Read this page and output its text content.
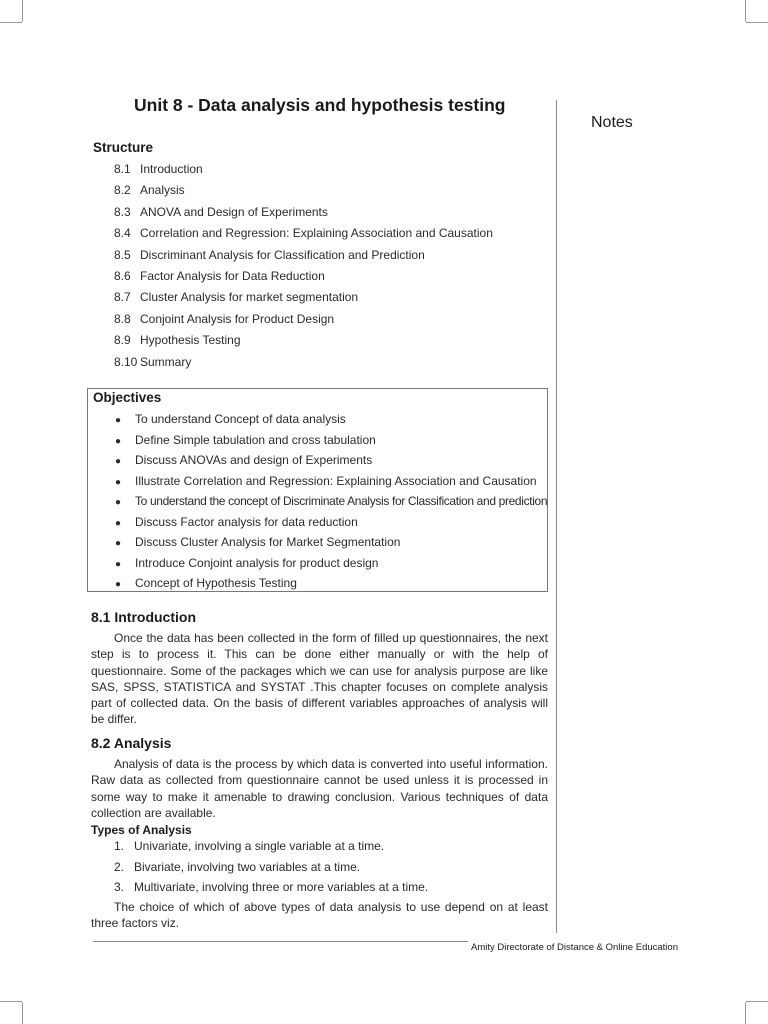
Unit 8 - Data analysis and hypothesis testing
Notes
Structure
8.1 Introduction
8.2 Analysis
8.3 ANOVA and Design of Experiments
8.4 Correlation and Regression: Explaining Association and Causation
8.5 Discriminant Analysis for Classification and Prediction
8.6 Factor Analysis for Data Reduction
8.7 Cluster Analysis for market segmentation
8.8 Conjoint Analysis for Product Design
8.9 Hypothesis Testing
8.10 Summary
Objectives
● To understand Concept of data analysis
● Define Simple tabulation and cross tabulation
● Discuss ANOVAs and design of Experiments
● Illustrate Correlation and Regression: Explaining Association and Causation
● To understand the concept of Discriminate Analysis for Classification and prediction
● Discuss Factor analysis for data reduction
● Discuss Cluster Analysis for Market Segmentation
● Introduce Conjoint analysis for product design
● Concept of Hypothesis Testing
8.1 Introduction

Once the data has been collected in the form of filled up questionnaires, the next step is to process it. This can be done either manually or with the help of questionnaire. Some of the packages which we can use for analysis purpose are like SAS, SPSS, STATISTICA and SYSTAT .This chapter focuses on complete analysis part of collected data. On the basis of different variables approaches of analysis will be differ.

8.2 Analysis

Analysis of data is the process by which data is converted into useful information. Raw data as collected from questionnaire cannot be used unless it is processed in some way to make it amenable to drawing conclusion. Various techniques of data collection are available.

Types of Analysis
1. Univariate, involving a single variable at a time.
2. Bivariate, involving two variables at a time.
3. Multivariate, involving three or more variables at a time.

The choice of which of above types of data analysis to use depend on at least three factors viz.

Amity Directorate of Distance & Online Education
